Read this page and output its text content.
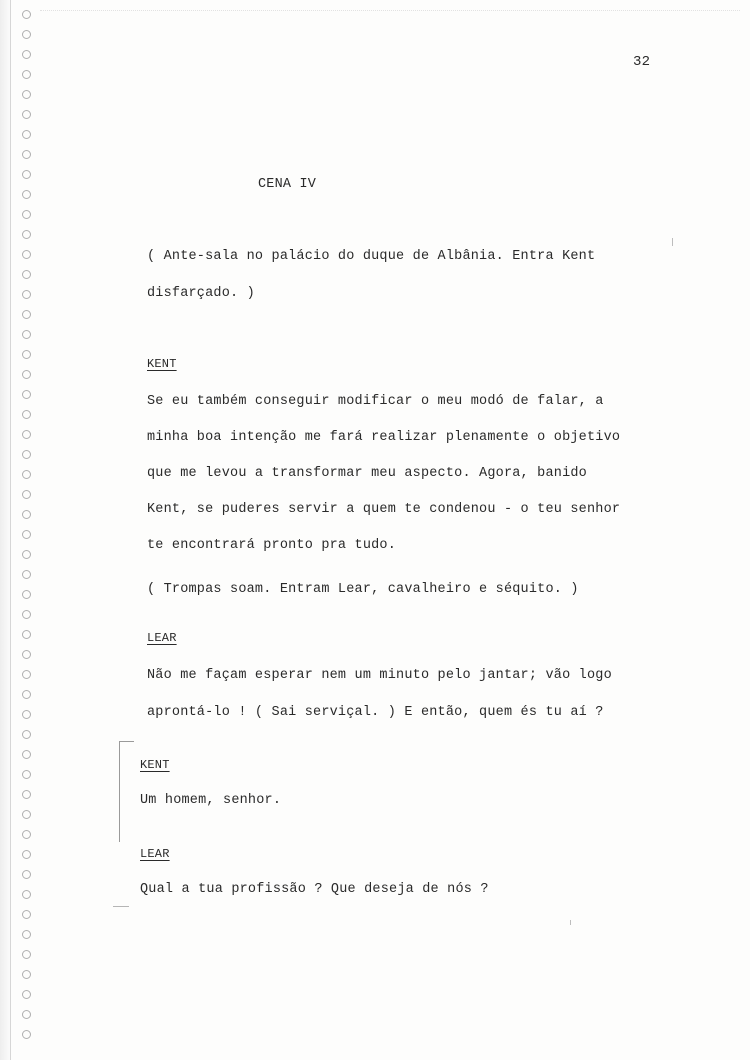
32
CENA IV
( Ante-sala no palácio do duque de Albânia. Entra Kent
disfarçado. )
KENT
Se eu também conseguir modificar o meu modó de falar, a
minha boa intenção me fará realizar plenamente o objetivo
que me levou a transformar meu aspecto. Agora, banido
Kent, se puderes servir a quem te condenou - o teu senhor
te encontrará pronto pra tudo.
( Trompas soam. Entram Lear, cavalheiro e séquito. )
LEAR
Não me façam esperar nem um minuto pelo jantar; vão logo
aprontá-lo ! ( Sai serviçal. ) E então, quem és tu aí ?
KENT
Um homem, senhor.
LEAR
Qual a tua profissão ? Que deseja de nós ?
